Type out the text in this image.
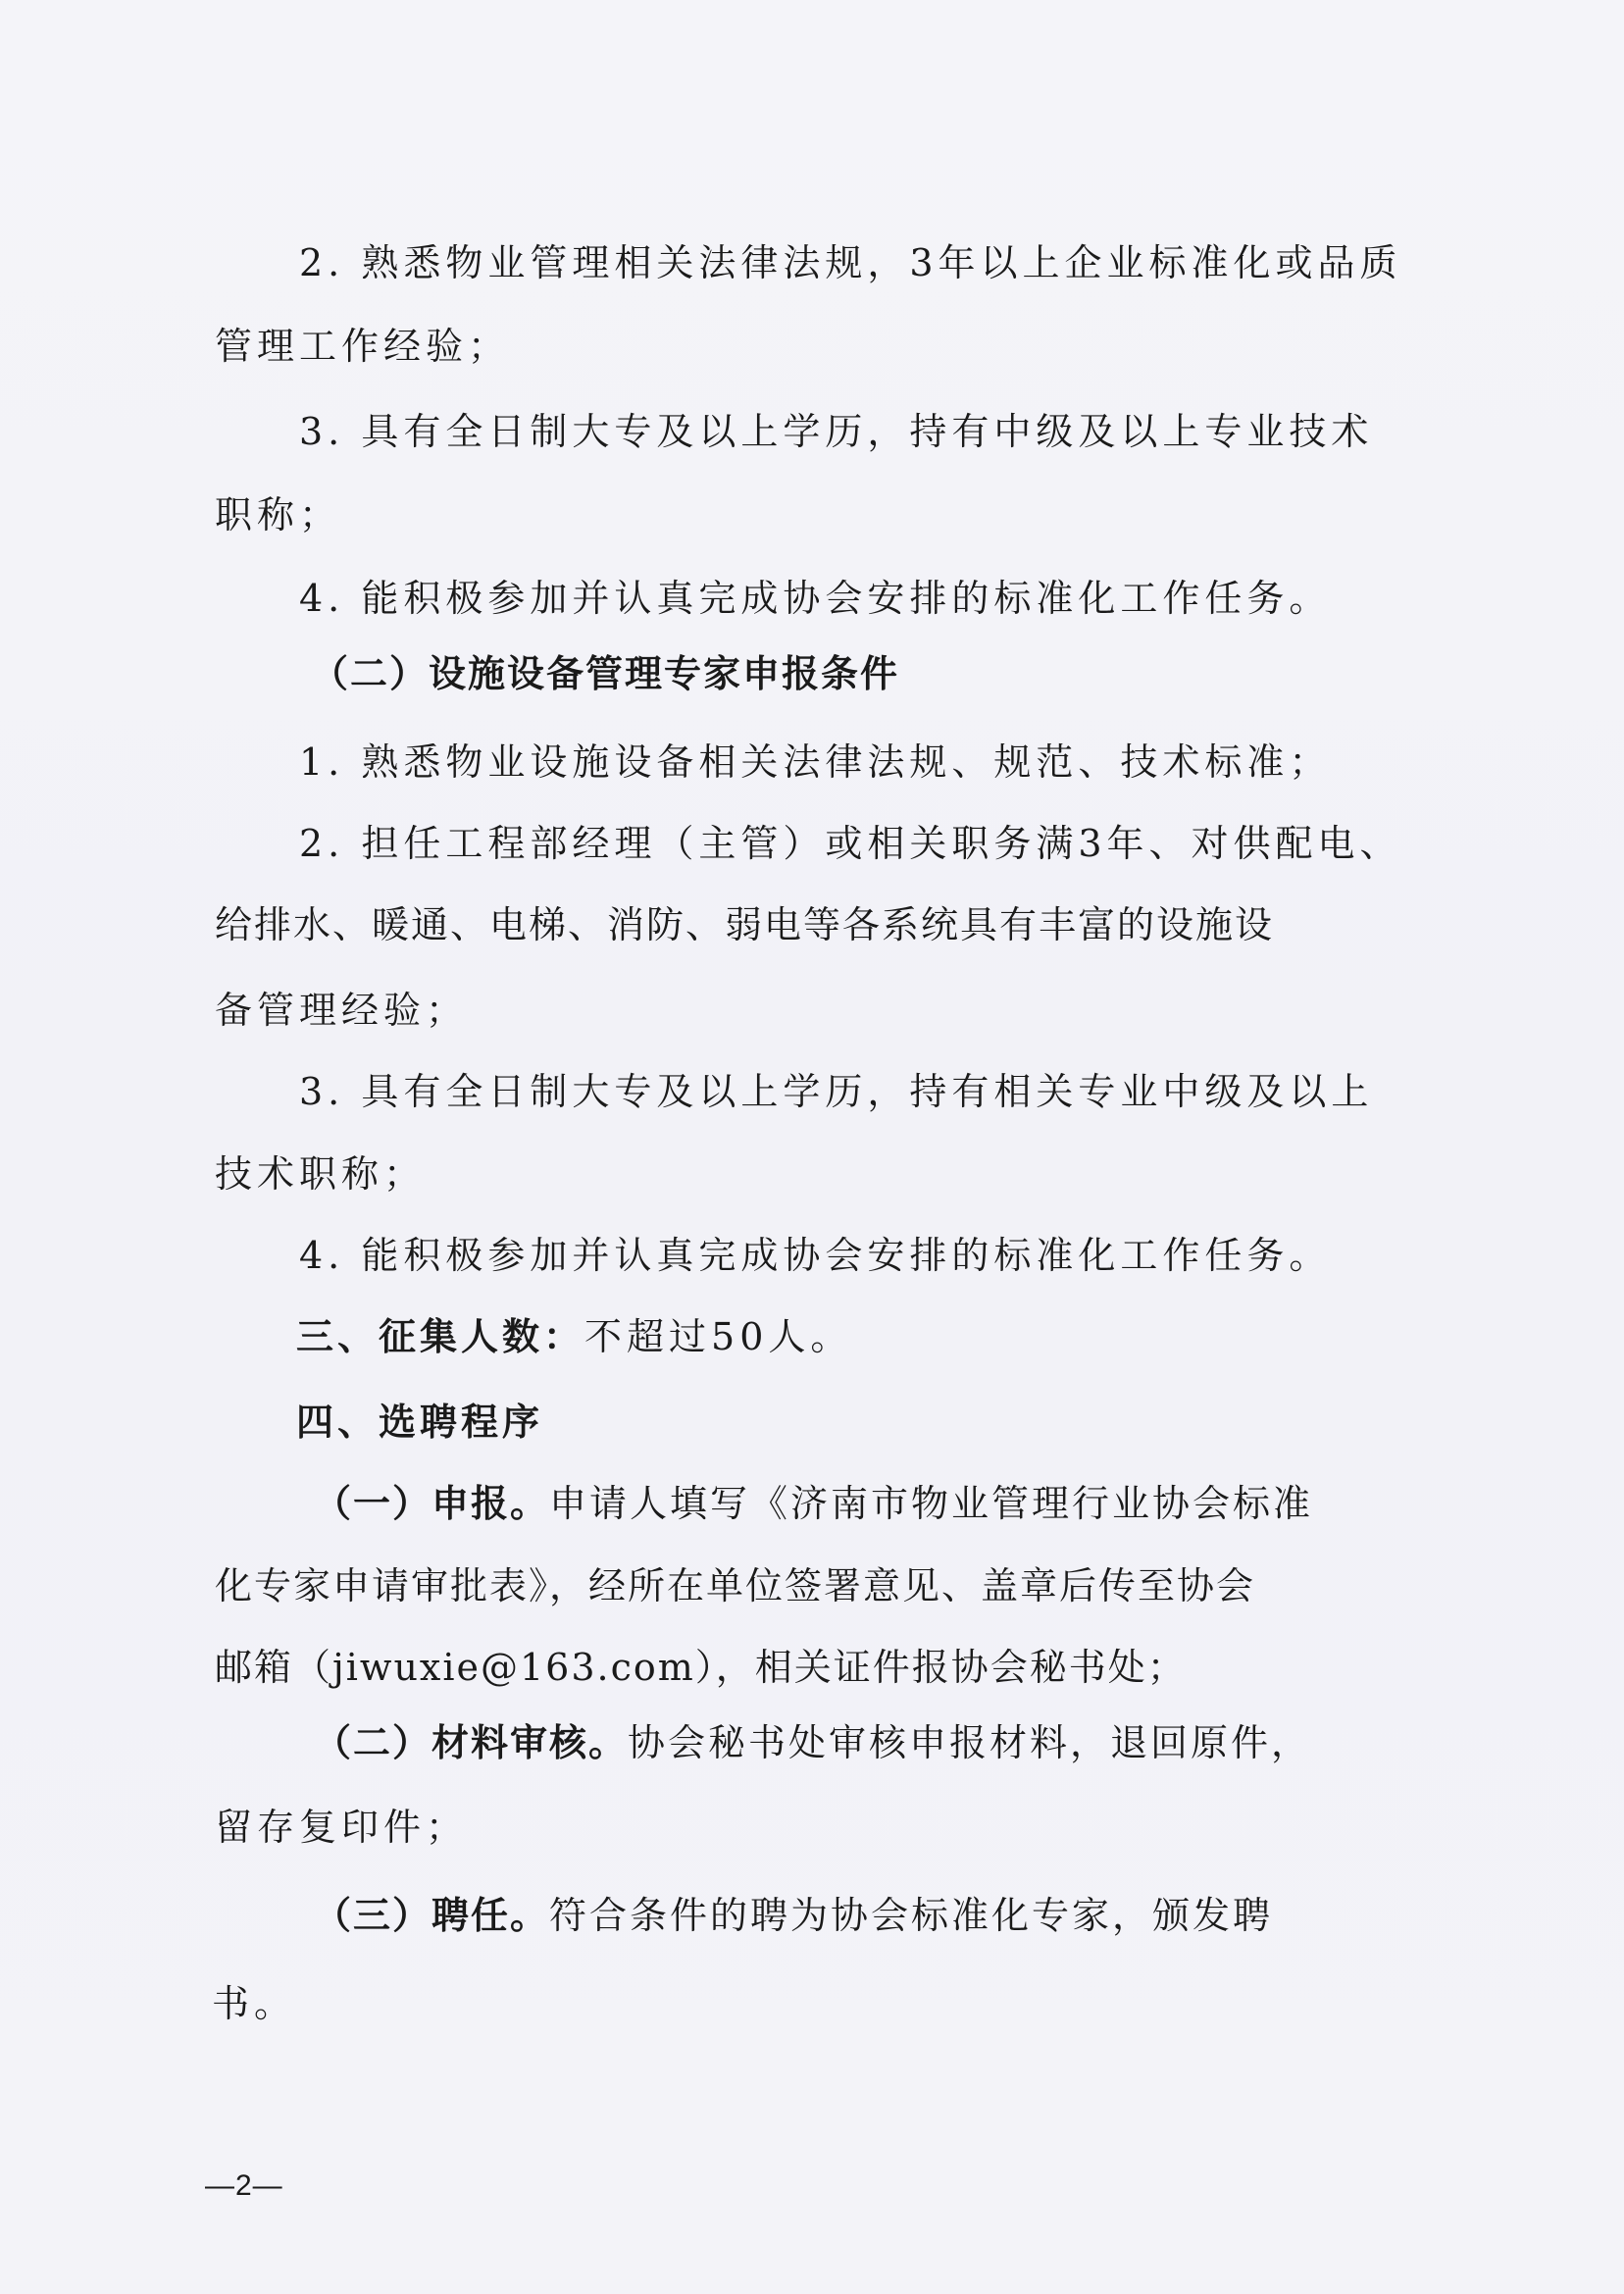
2. 熟悉物业管理相关法律法规，3年以上企业标准化或品质
管理工作经验；
3. 具有全日制大专及以上学历，持有中级及以上专业技术
职称；
4. 能积极参加并认真完成协会安排的标准化工作任务。
（二）设施设备管理专家申报条件
1. 熟悉物业设施设备相关法律法规、规范、技术标准；
2. 担任工程部经理（主管）或相关职务满3年、对供配电、
给排水、暖通、电梯、消防、弱电等各系统具有丰富的设施设
备管理经验；
3. 具有全日制大专及以上学历，持有相关专业中级及以上
技术职称；
4. 能积极参加并认真完成协会安排的标准化工作任务。
三、征集人数：不超过50人。
四、选聘程序
（一）申报。申请人填写《济南市物业管理行业协会标准
化专家申请审批表》，经所在单位签署意见、盖章后传至协会
邮箱（jiwuxie@163.com），相关证件报协会秘书处；
（二）材料审核。协会秘书处审核申报材料，退回原件，
留存复印件；
（三）聘任。符合条件的聘为协会标准化专家，颁发聘
书。
—2—
